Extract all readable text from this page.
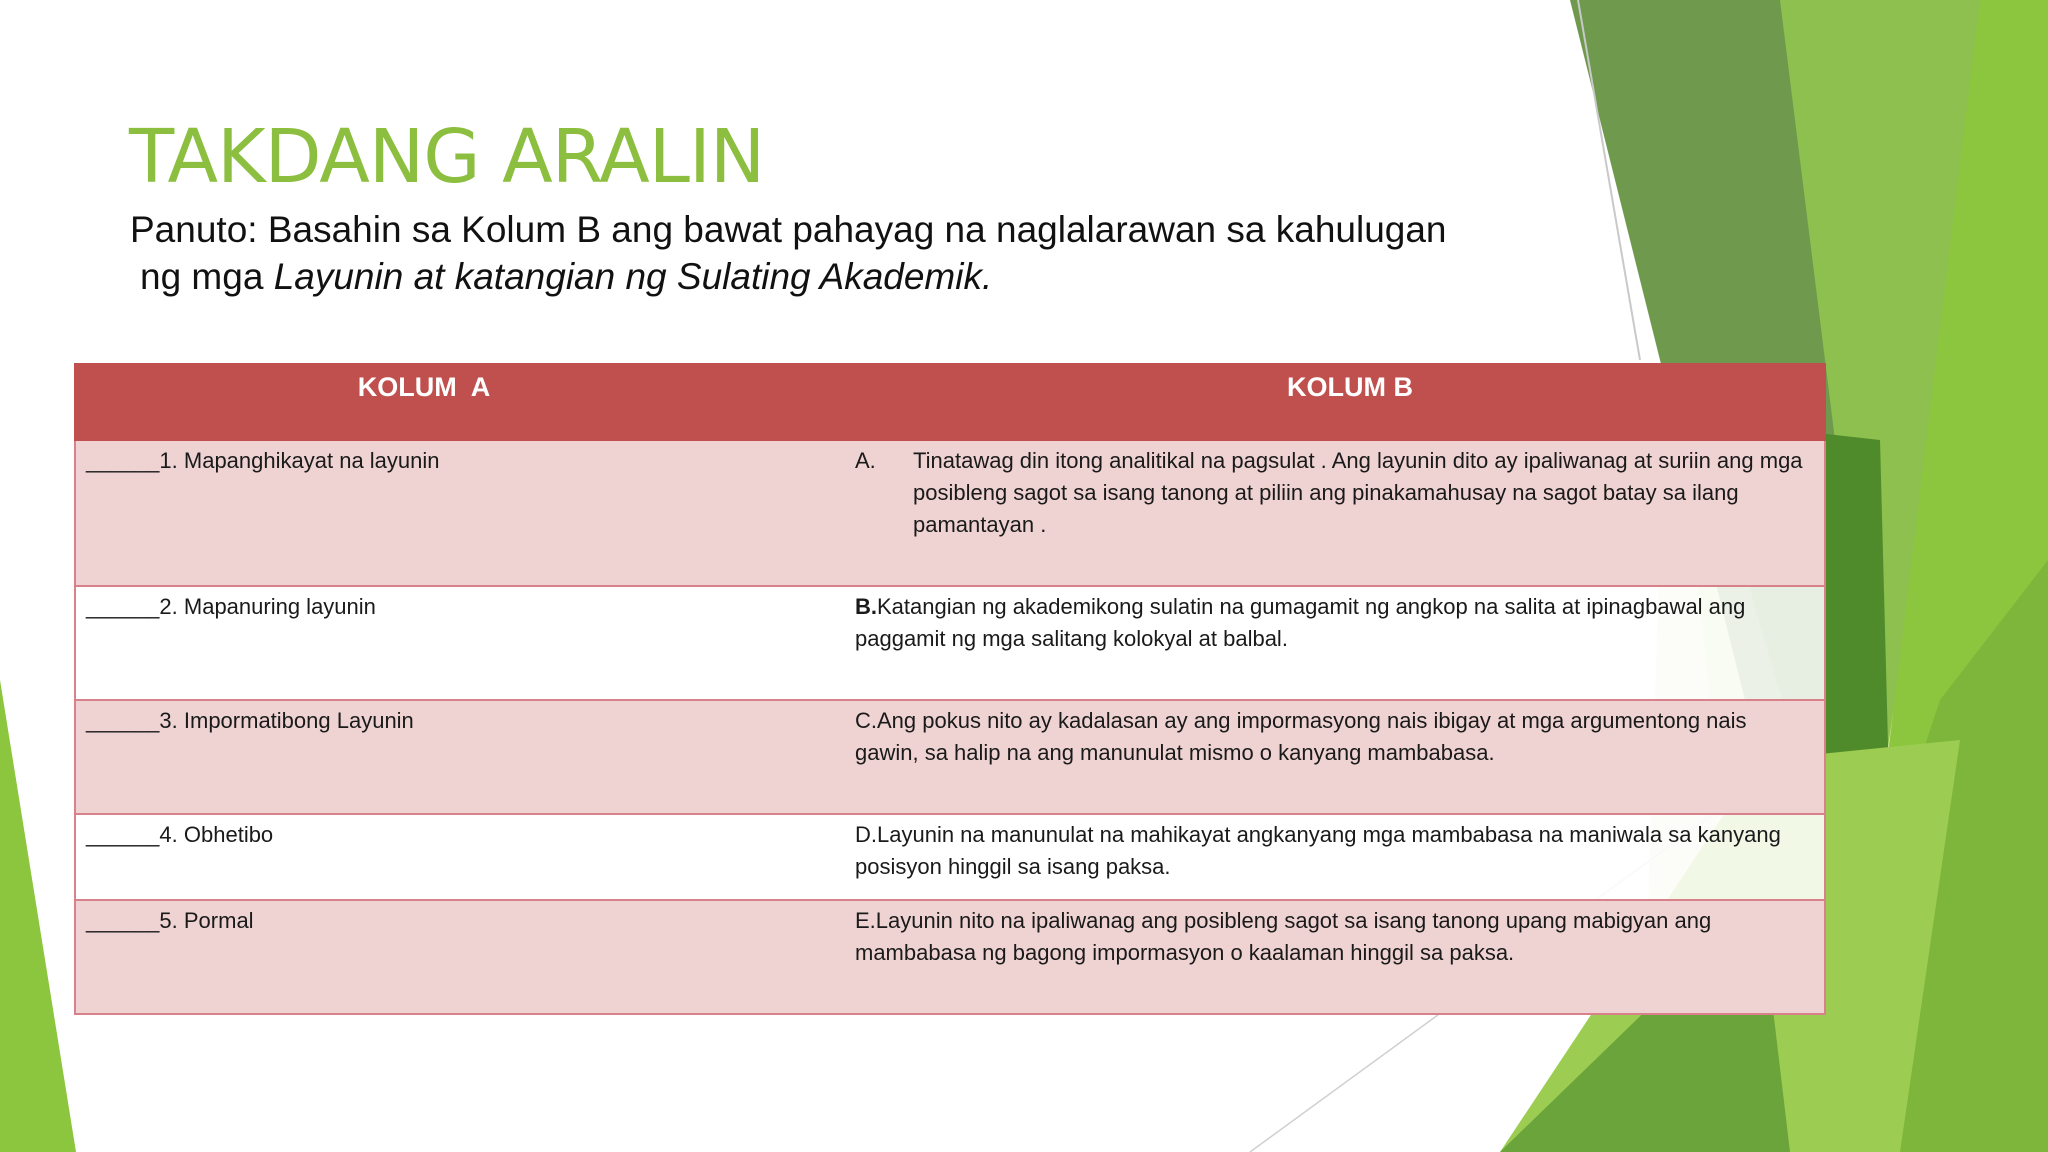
TAKDANG ARALIN
Panuto: Basahin sa Kolum B ang bawat pahayag na naglalarawan sa kahulugan
ng mga Layunin at katangian ng Sulating Akademik.
KOLUM  A	KOLUM B

______1. Mapanghikayat na layunin	A. Tinatawag din itong analitikal na pagsulat . Ang layunin dito ay ipaliwanag at suriin ang mga posibleng sagot sa isang tanong at piliin ang pinakamahusay na sagot batay sa ilang pamantayan .

______2. Mapanuring layunin	B.Katangian ng akademikong sulatin na gumagamit ng angkop na salita at ipinagbawal ang paggamit ng mga salitang kolokyal at balbal.
______3. Impormatibong Layunin	C.Ang pokus nito ay kadalasan ay ang impormasyong nais ibigay at mga argumentong nais gawin, sa halip na ang manunulat mismo o kanyang mambabasa.
______4. Obhetibo	D.Layunin na manunulat na mahikayat angkanyang mga mambabasa na maniwala sa kanyang posisyon hinggil sa isang paksa.
______5. Pormal	E.Layunin nito na ipaliwanag ang posibleng sagot sa isang tanong upang mabigyan ang mambabasa ng bagong impormasyon o kaalaman hinggil sa paksa.
